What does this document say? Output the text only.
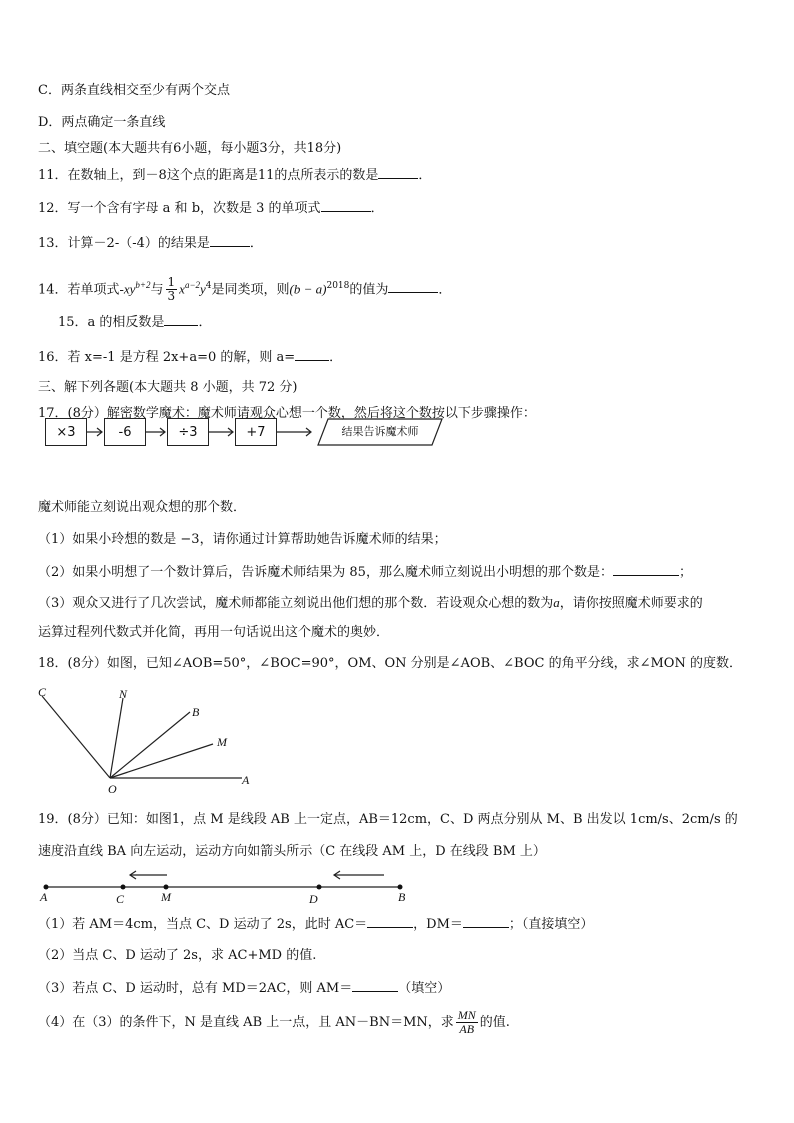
C．两条直线相交至少有两个交点
D．两点确定一条直线
二、填空题(本大题共有6小题，每小题3分，共18分)
11．在数轴上，到－8这个点的距离是11的点所表示的数是	．
12．写一个含有字母 a 和 b，次数是 3 的单项式	．
13．计算－2-（-4）的结果是	．
14．若单项式$-xy^{b+2}$与 $\frac{1}{3} x^{a-2}y^4$是同类项，则$(b - a)^{2018}$的值为	．
15．a 的相反数是	．
16．若 x=-1 是方程 2x+a=0 的解，则 a=	．
三、解下列各题(本大题共 8 小题，共 72 分)
17．(8分）解密数学魔术：魔术师请观众心想一个数，然后将这个数按以下步骤操作：
×3	-6	÷3	+7	结果告诉魔术师
魔术师能立刻说出观众想的那个数．
（1）如果小玲想的数是 −3，请你通过计算帮助她告诉魔术师的结果；
（2）如果小明想了一个数计算后，告诉魔术师结果为 85，那么魔术师立刻说出小明想的那个数是：	；
（3）观众又进行了几次尝试，魔术师都能立刻说出他们想的那个数．若设观众心想的数为a，请你按照魔术师要求的
运算过程列代数式并化简，再用一句话说出这个魔术的奥妙．
18．(8分）如图，已知∠AOB=50°，∠BOC=90°，OM、ON 分别是∠AOB、∠BOC 的角平分线，求∠MON 的度数．
C	N
B
M
O
A
19．(8分）已知：如图1，点 M 是线段 AB 上一定点，AB＝12cm，C、D 两点分别从 M、B 出发以 1cm/s、2cm/s 的
速度沿直线 BA 向左运动，运动方向如箭头所示（C 在线段 AM 上，D 在线段 BM 上）
A	C	M	D	B
（1）若 AM＝4cm，当点 C、D 运动了 2s，此时 AC＝	，DM＝	；（直接填空）
（2）当点 C、D 运动了 2s，求 AC+MD 的值.
（3）若点 C、D 运动时，总有 MD＝2AC，则 AM＝	（填空）
（4）在（3）的条件下，N 是直线 AB 上一点，且 AN－BN＝MN，求 $\frac{MN}{AB}$ 的值.
